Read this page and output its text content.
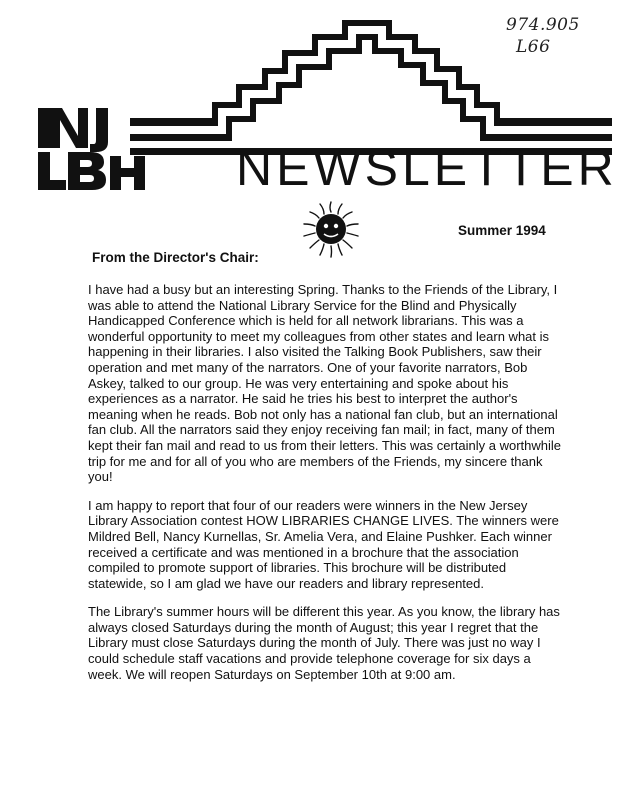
974.905
L66
NEWSLETTER

Summer 1994

From the Director's Chair:

I have had a busy but an interesting Spring. Thanks to the Friends of the Library, I was able to attend the National Library Service for the Blind and Physically Handicapped Conference which is held for all network librarians. This was a wonderful opportunity to meet my colleagues from other states and learn what is happening in their libraries. I also visited the Talking Book Publishers, saw their operation and met many of the narrators. One of your favorite narrators, Bob Askey, talked to our group. He was very entertaining and spoke about his experiences as a narrator. He said he tries his best to interpret the author's meaning when he reads. Bob not only has a national fan club, but an international fan club. All the narrators said they enjoy receiving fan mail; in fact, many of them kept their fan mail and read to us from their letters. This was certainly a worthwhile trip for me and for all of you who are members of the Friends, my sincere thank you!

I am happy to report that four of our readers were winners in the New Jersey Library Association contest HOW LIBRARIES CHANGE LIVES. The winners were Mildred Bell, Nancy Kurnellas, Sr. Amelia Vera, and Elaine Pushker. Each winner received a certificate and was mentioned in a brochure that the association compiled to promote support of libraries. This brochure will be distributed statewide, so I am glad we have our readers and library represented.

The Library's summer hours will be different this year. As you know, the library has always closed Saturdays during the month of August; this year I regret that the Library must close Saturdays during the month of July. There was just no way I could schedule staff vacations and provide telephone coverage for six days a week. We will reopen Saturdays on September 10th at 9:00 am.
